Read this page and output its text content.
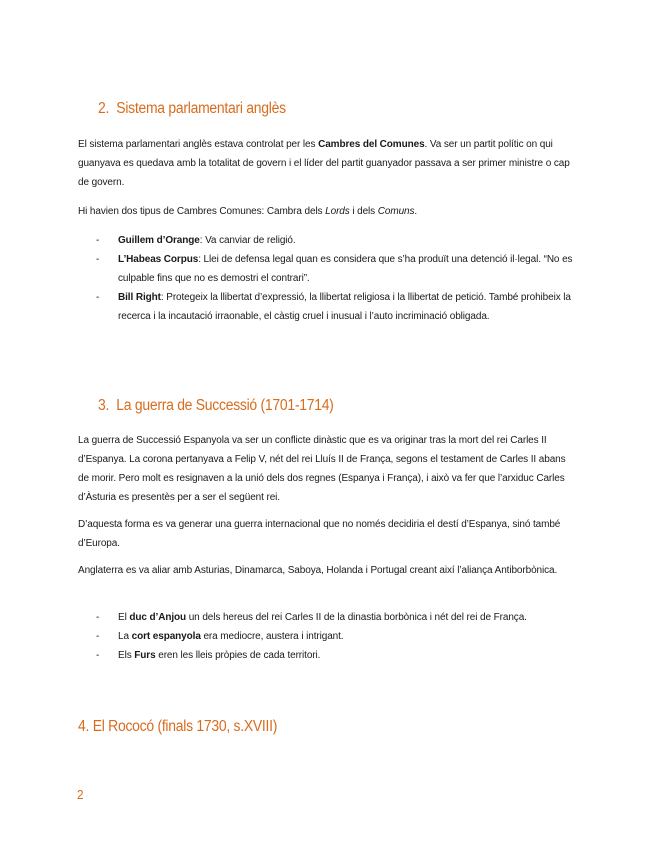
2. Sistema parlamentari anglès

El sistema parlamentari anglès estava controlat per les Cambres del Comunes. Va ser un partit polític on qui guanyava es quedava amb la totalitat de govern i el líder del partit guanyador passava a ser primer ministre o cap de govern.

Hi havien dos tipus de Cambres Comunes: Cambra dels Lords i dels Comuns.

- Guillem d’Orange: Va canviar de religió.
- L’Habeas Corpus: Llei de defensa legal quan es considera que s’ha produït una detenció il·legal. “No es culpable fins que no es demostri el contrari”.
- Bill Right: Protegeix la llibertat d’expressió, la llibertat religiosa i la llibertat de petició. També prohibeix la recerca i la incautació irraonable, el càstig cruel i inusual i l’auto incriminació obligada.
3. La guerra de Successió (1701-1714)

La guerra de Successió Espanyola va ser un conflicte dinàstic que es va originar tras la mort del rei Carles II d’Espanya. La corona pertanyava a Felip V, nét del rei Lluís II de França, segons el testament de Carles II abans de morir. Pero molt es resignaven a la unió dels dos regnes (Espanya i França), i això va fer que l’arxiduc Carles d’Àsturia es presentès per a ser el següent rei.

D’aquesta forma es va generar una guerra internacional que no només decidiria el destí d’Espanya, sinó també d’Europa.

Anglaterra es va aliar amb Asturias, Dinamarca, Saboya, Holanda i Portugal creant així l’aliança Antiborbònica.

- El duc d’Anjou un dels hereus del rei Carles II de la dinastia borbònica i nét del rei de França.
- La cort espanyola era mediocre, austera i intrigant.
- Els Furs eren les lleis pròpies de cada territori.
4. El Rococó (finals 1730, s.XVIII)
2
